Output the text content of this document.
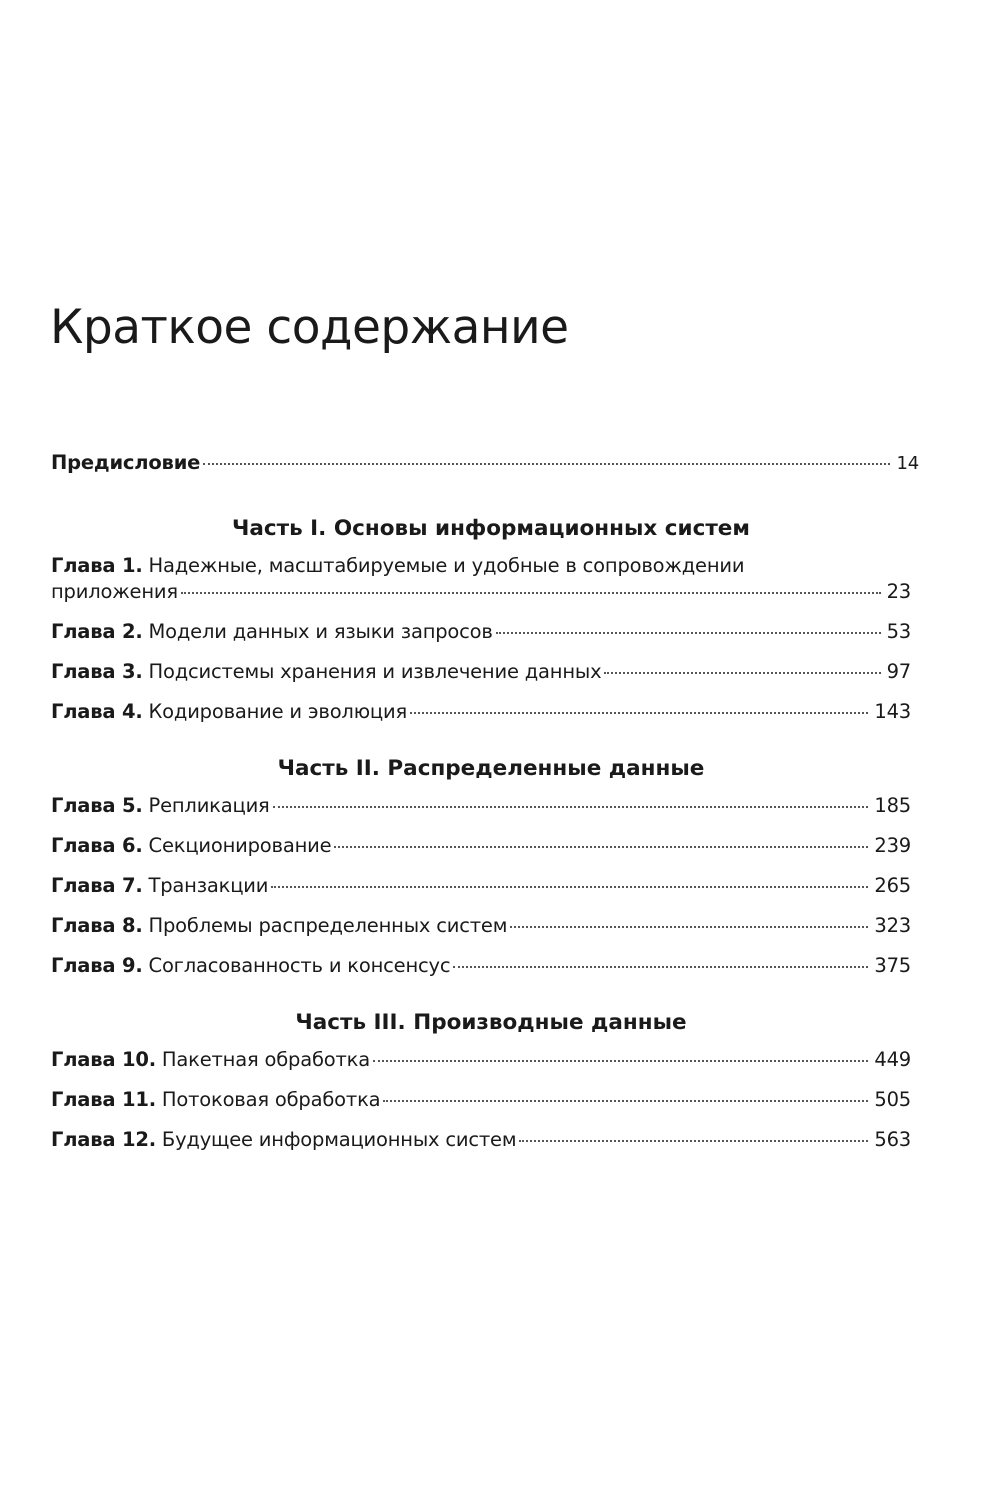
Краткое содержание
Предисловие	14
Часть I. Основы информационных систем
Глава 1. Надежные, масштабируемые и удобные в сопровождении
приложения	23
Глава 2. Модели данных и языки запросов	53
Глава 3. Подсистемы хранения и извлечение данных	97
Глава 4. Кодирование и эволюция	143
Часть II. Распределенные данные
Глава 5. Репликация	185
Глава 6. Секционирование	239
Глава 7. Транзакции	265
Глава 8. Проблемы распределенных систем	323
Глава 9. Согласованность и консенсус	375
Часть III. Производные данные
Глава 10. Пакетная обработка	449
Глава 11. Потоковая обработка	505
Глава 12. Будущее информационных систем	563
